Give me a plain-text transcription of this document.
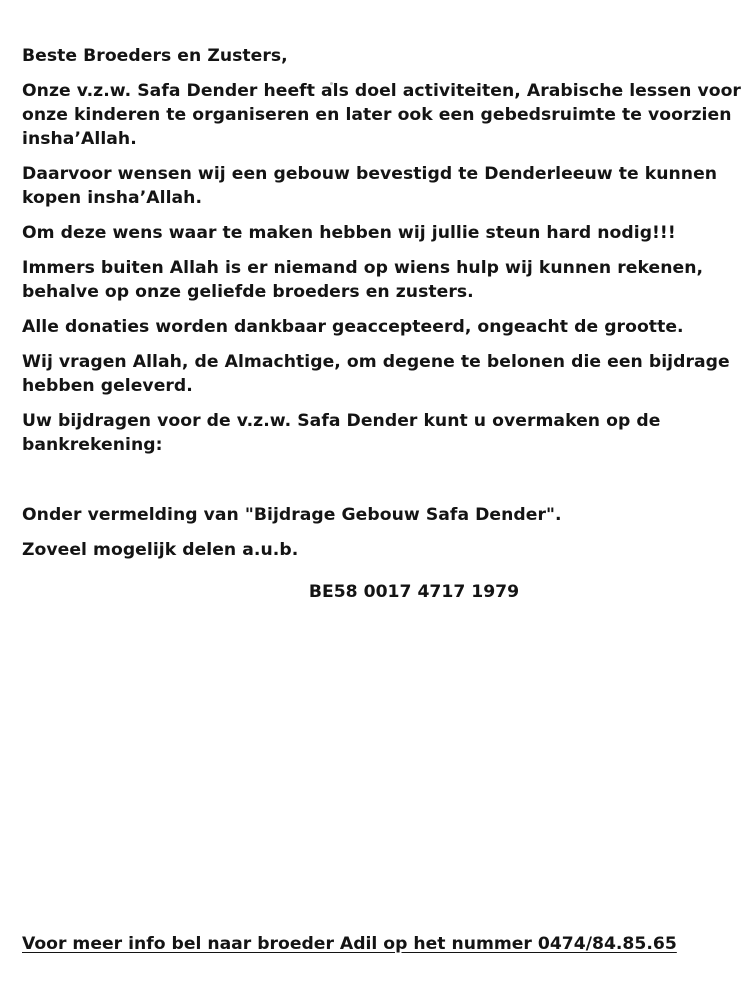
Beste Broeders en Zusters,

Onze v.z.w. Safa Dender heeft als doel activiteiten, Arabische lessen voor
onze kinderen te organiseren en later ook een gebedsruimte te voorzien
insha’Allah.

Daarvoor wensen wij een gebouw bevestigd te Denderleeuw te kunnen
kopen insha’Allah.

Om deze wens waar te maken hebben wij jullie steun hard nodig!!!

Immers buiten Allah is er niemand op wiens hulp wij kunnen rekenen,
behalve op onze geliefde broeders en zusters.

Alle donaties worden dankbaar geaccepteerd, ongeacht de grootte.

Wij vragen Allah, de Almachtige, om degene te belonen die een bijdrage
hebben geleverd.

Uw bijdragen voor de v.z.w. Safa Dender kunt u overmaken op de
bankrekening:

Onder vermelding van "Bijdrage Gebouw Safa Dender".

Zoveel mogelijk delen a.u.b.

BE58 0017 4717 1979
Voor meer info bel naar broeder Adil op het nummer 0474/84.85.65
